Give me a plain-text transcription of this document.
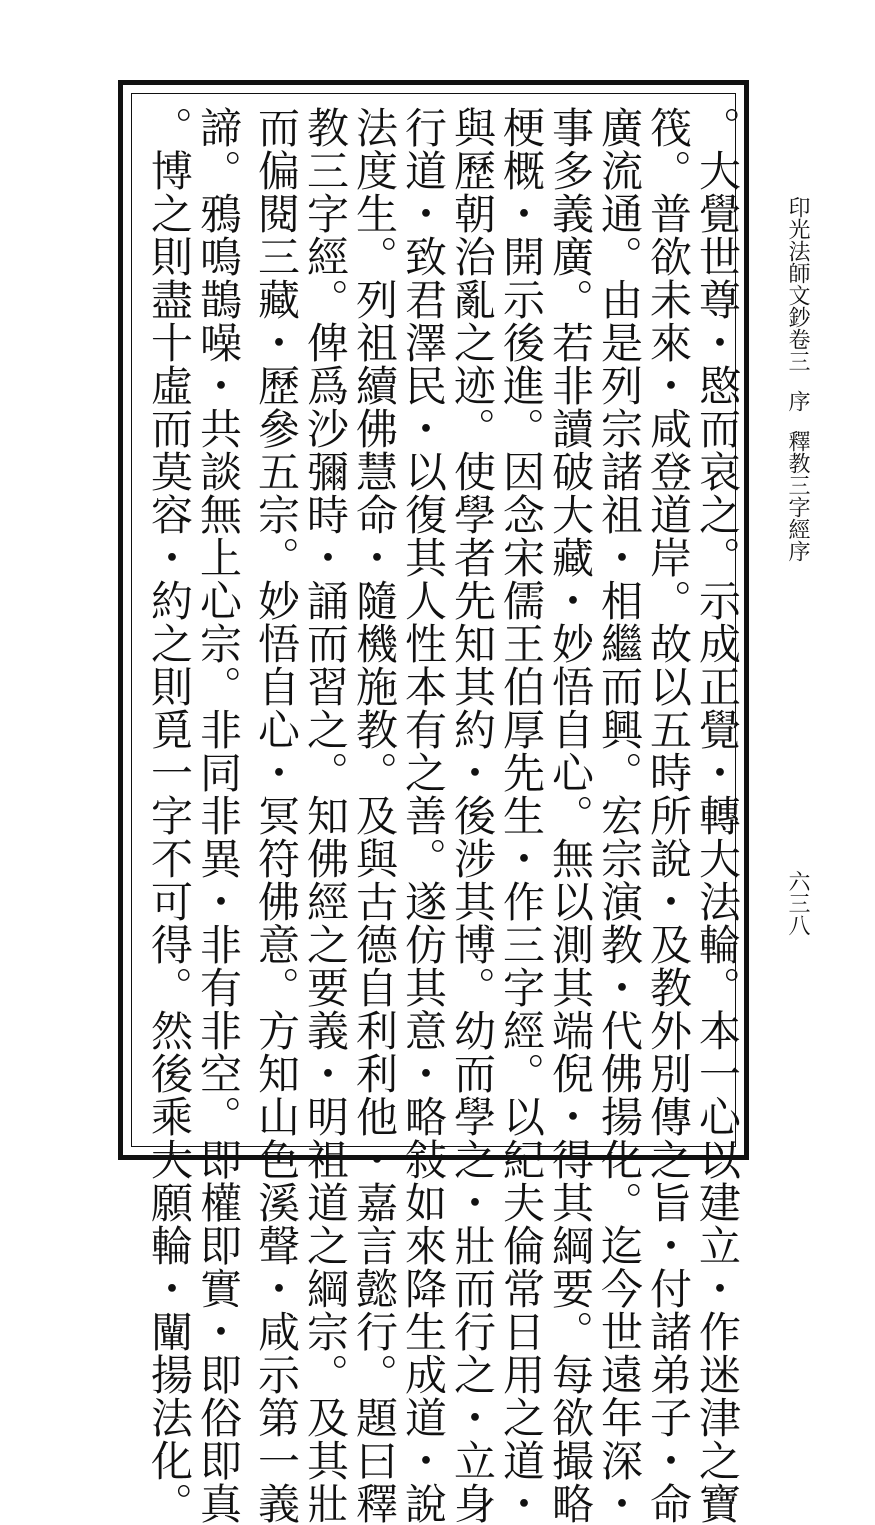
印光法師文鈔卷三序釋教三字經序
六三八
。大覺世尊・愍而哀之。示成正覺・轉大法輪。本一心以建立・作迷津之寶
筏。普欲未來・咸登道岸。故以五時所說・及教外別傳之旨・付諸弟子・命
廣流通。由是列宗諸祖・相繼而興。宏宗演教・代佛揚化。迄今世遠年深・
事多義廣。若非讀破大藏・妙悟自心。無以測其端倪・得其綱要。每欲撮略
梗概・開示後進。因念宋儒王伯厚先生・作三字經。以紀夫倫常日用之道・
與歷朝治亂之迹。使學者先知其約・後涉其博。幼而學之・壯而行之・立身
行道・致君澤民・以復其人性本有之善。遂仿其意・略敍如來降生成道・說
法度生。列祖續佛慧命・隨機施教。及與古德自利利他・嘉言懿行。題曰釋
教三字經。俾爲沙彌時・誦而習之。知佛經之要義・明祖道之綱宗。及其壯
而偏閱三藏・歷參五宗。妙悟自心・冥符佛意。方知山色溪聲・咸示第一義
諦。鴉鳴鵲噪・共談無上心宗。非同非異・非有非空。即權即實・即俗即真
。博之則盡十虛而莫容・約之則覓一字不可得。然後乘大願輪・闡揚法化。
